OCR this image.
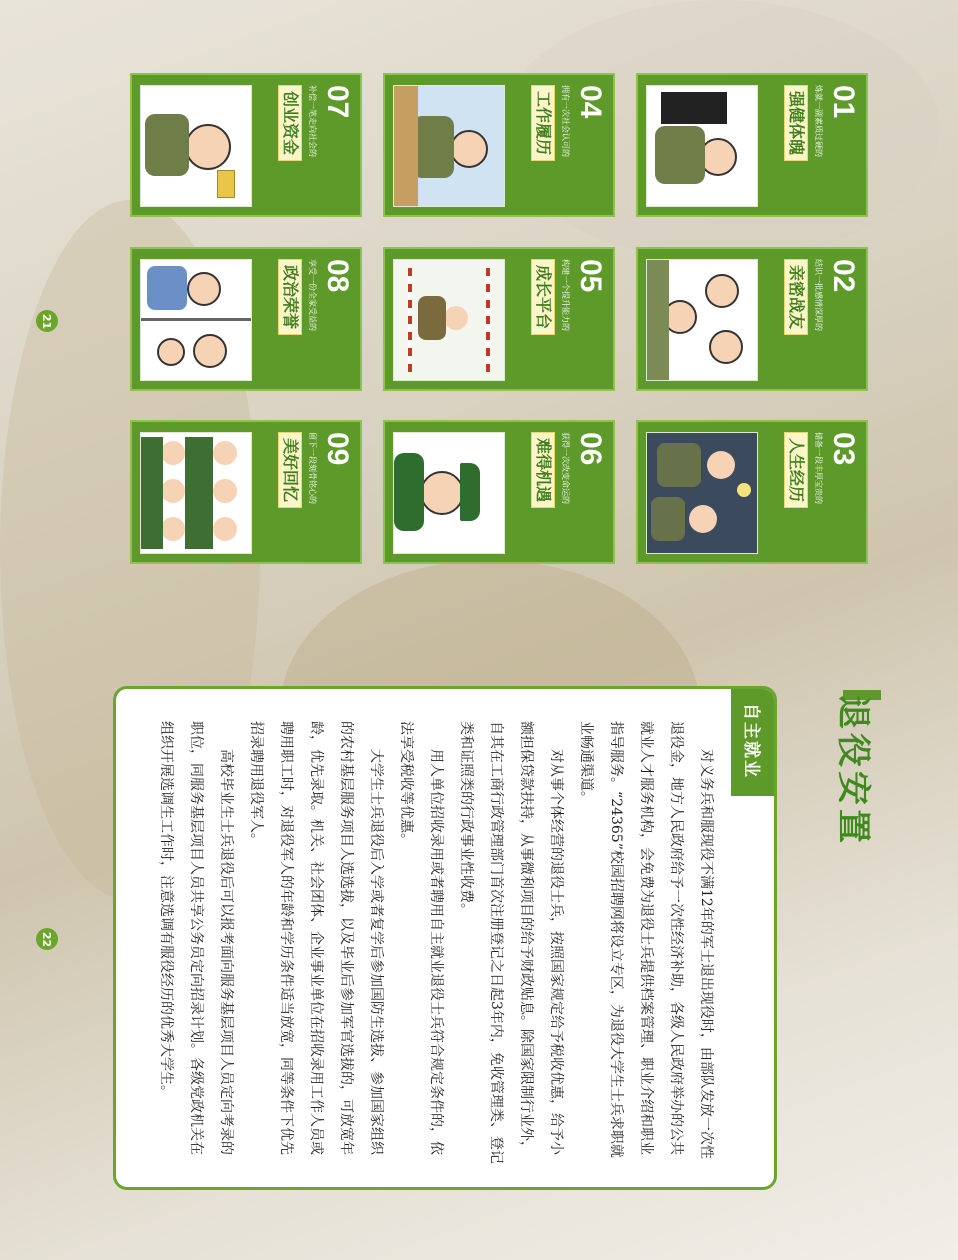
21
22
01
炼就一副素质过硬的
强健体魄
02
结识一批感情深厚的
亲密战友
03
储备一段丰厚宝贵的
人生经历
04
拥有一次社会认可的
工作履历
05
构建一个提升能力的
成长平台
06
获得一次改变命运的
难得机遇
07
补偿一笔走向社会的
创业资金
08
享受一份全家受益的
政治荣誉
09
留下一段刻骨铭心的
美好回忆
退役安置
自主就业

对义务兵和服现役不满12年的军士退出现役时，由部队发放一次性退役金，地方人民政府给予一次性经济补助，各级人民政府举办的公共就业人才服务机构，会免费为退役士兵提供档案管理、职业介绍和职业指导服务。“24365”校园招聘网将设立专区，为退役大学生士兵求职就业畅通渠道。

对从事个体经营的退役士兵，按照国家规定给予税收优惠，给予小额担保贷款扶持，从事微利项目的给予财政贴息。除国家限制行业外，自其在工商行政管理部门首次注册登记之日起3年内，免收管理类、登记类和证照类的行政事业性收费。

用人单位招收录用或者聘用自主就业退役士兵符合规定条件的，依法享受税收等优惠。

大学生士兵退役后入学或者复学后参加国防生选拔、参加国家组织的农村基层服务项目人选选拔，以及毕业后参加军官选拔的，可放宽年龄，优先录取。机关、社会团体、企业事业单位在招收录用工作人员或聘用职工时，对退役军人的年龄和学历条件适当放宽，同等条件下优先招录聘用退役军人。

高校毕业生士兵退役后可以报考面向服务基层项目人员定向考录的职位，同服务基层项目人员共享公务员定向招录计划。各级党政机关在组织开展选调生工作时，注意选调有服役经历的优秀大学生。
